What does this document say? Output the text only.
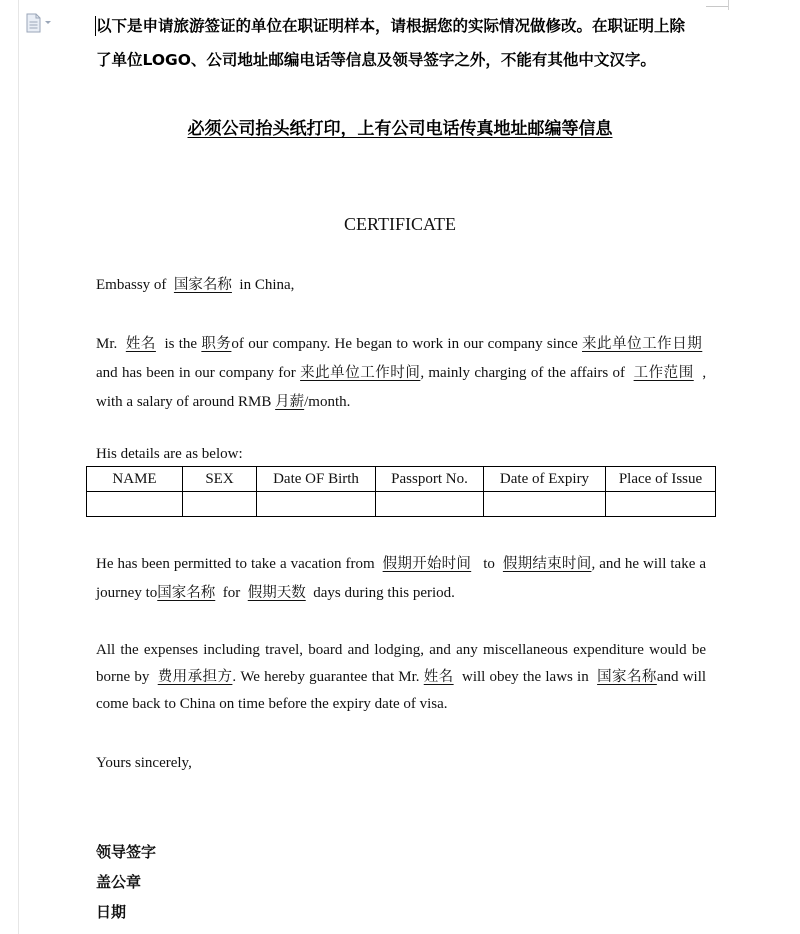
以下是申请旅游签证的单位在职证明样本，请根据您的实际情况做修改。在职证明上除
了单位LOGO、公司地址邮编电话等信息及领导签字之外，不能有其他中文汉字。
必须公司抬头纸打印，上有公司电话传真地址邮编等信息
CERTIFICATE
Embassy of 国家名称 in China,
Mr. 姓名 is the 职务of our company. He began to work in our company since 来此单位工作日期  and has been in our company for 来此单位工作时间, mainly charging of the affairs of 工作范围 , with a salary of around RMB 月薪/month.
His details are as below:
NAME	SEX	Date OF Birth	Passport No.	Date of Expiry	Place of Issue

He has been permitted to take a vacation from 假期开始时间 to 假期结束时间, and he will take a journey to国家名称 for 假期天数 days during this period.
All the expenses including travel, board and lodging, and any miscellaneous expenditure would be borne by 费用承担方. We hereby guarantee that Mr. 姓名 will obey the laws in 国家名称and will come back to China on time before the expiry date of visa.
Yours sincerely,
领导签字
盖公章
日期
